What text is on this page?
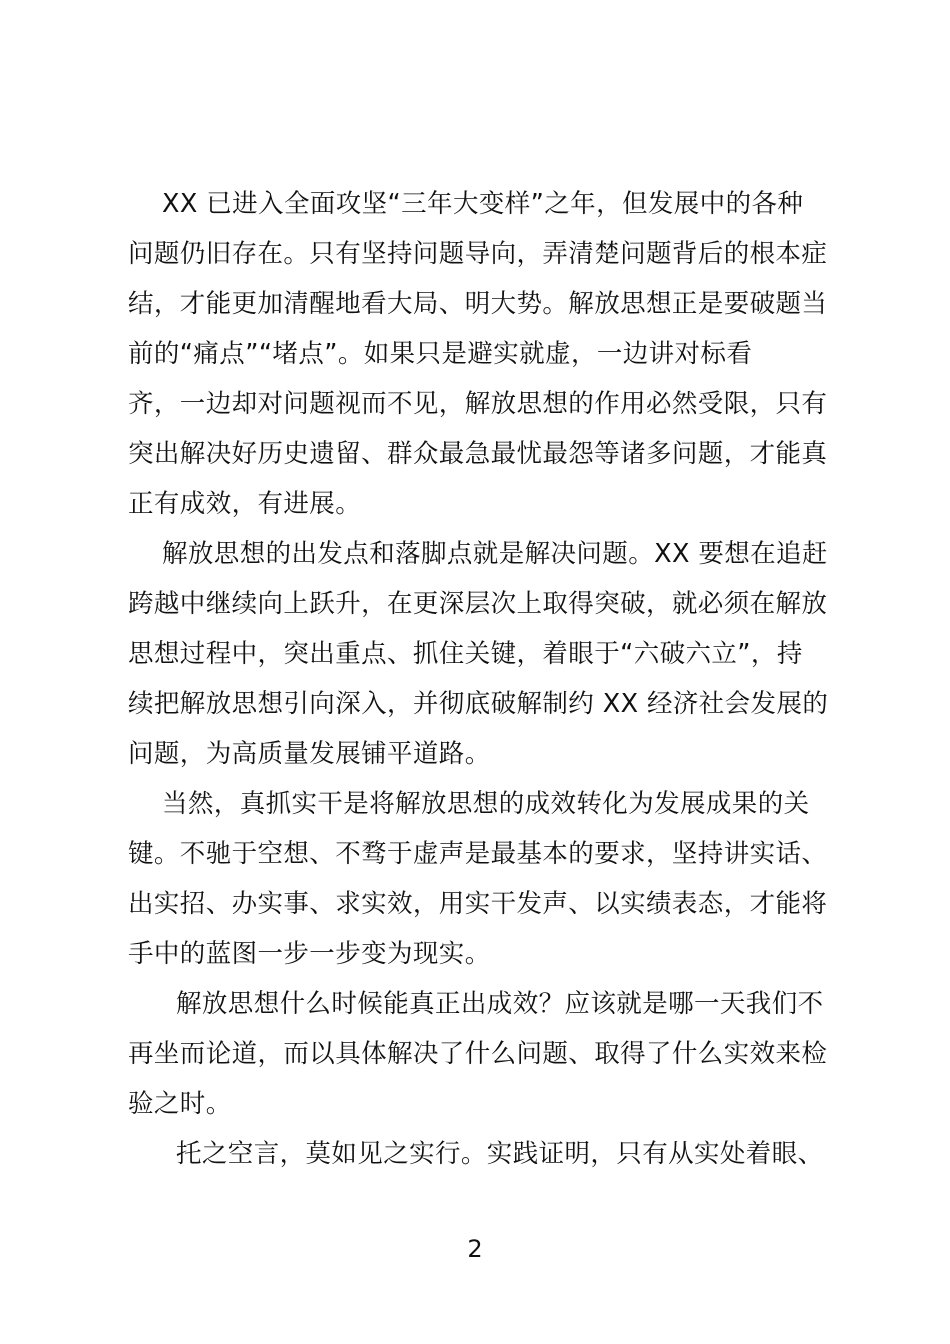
XX 已进入全面攻坚“三年大变样”之年，但发展中的各种
问题仍旧存在。只有坚持问题导向，弄清楚问题背后的根本症
结，才能更加清醒地看大局、明大势。解放思想正是要破题当
前的“痛点”“堵点”。如果只是避实就虚，一边讲对标看
齐，一边却对问题视而不见，解放思想的作用必然受限，只有
突出解决好历史遗留、群众最急最忧最怨等诸多问题，才能真
正有成效，有进展。
解放思想的出发点和落脚点就是解决问题。XX 要想在追赶
跨越中继续向上跃升，在更深层次上取得突破，就必须在解放
思想过程中，突出重点、抓住关键，着眼于“六破六立”，持
续把解放思想引向深入，并彻底破解制约 XX 经济社会发展的
问题，为高质量发展铺平道路。
当然，真抓实干是将解放思想的成效转化为发展成果的关
键。不驰于空想、不骛于虚声是最基本的要求，坚持讲实话、
出实招、办实事、求实效，用实干发声、以实绩表态，才能将
手中的蓝图一步一步变为现实。
解放思想什么时候能真正出成效？应该就是哪一天我们不
再坐而论道，而以具体解决了什么问题、取得了什么实效来检
验之时。
托之空言，莫如见之实行。实践证明，只有从实处着眼、
2
